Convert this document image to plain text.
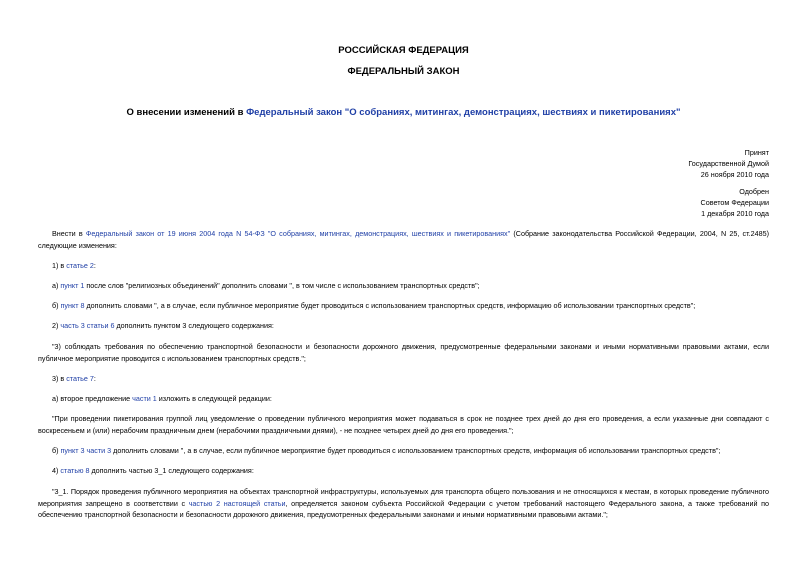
РОССИЙСКАЯ ФЕДЕРАЦИЯ
ФЕДЕРАЛЬНЫЙ ЗАКОН
О внесении изменений в Федеральный закон "О собраниях, митингах, демонстрациях, шествиях и пикетированиях"
Принят
Государственной Думой
26 ноября 2010 года
Одобрен
Советом Федерации
1 декабря 2010 года
Внести в Федеральный закон от 19 июня 2004 года N 54-ФЗ "О собраниях, митингах, демонстрациях, шествиях и пикетированиях" (Собрание законодательства Российской Федерации, 2004, N 25, ст.2485) следующие изменения:
1) в статье 2:
а) пункт 1 после слов "религиозных объединений" дополнить словами ", в том числе с использованием транспортных средств";
б) пункт 8 дополнить словами ", а в случае, если публичное мероприятие будет проводиться с использованием транспортных средств, информацию об использовании транспортных средств";
2) часть 3 статьи 6 дополнить пунктом 3 следующего содержания:
"3) соблюдать требования по обеспечению транспортной безопасности и безопасности дорожного движения, предусмотренные федеральными законами и иными нормативными правовыми актами, если публичное мероприятие проводится с использованием транспортных средств.";
3) в статье 7:
а) второе предложение части 1 изложить в следующей редакции:
"При проведении пикетирования группой лиц уведомление о проведении публичного мероприятия может подаваться в срок не позднее трех дней до дня его проведения, а если указанные дни совпадают с воскресеньем и (или) нерабочим праздничным днем (нерабочими праздничными днями), - не позднее четырех дней до дня его проведения.";
б) пункт 3 части 3 дополнить словами ", а в случае, если публичное мероприятие будет проводиться с использованием транспортных средств, информация об использовании транспортных средств";
4) статью 8 дополнить частью 3_1 следующего содержания:
"3_1. Порядок проведения публичного мероприятия на объектах транспортной инфраструктуры, используемых для транспорта общего пользования и не относящихся к местам, в которых проведение публичного мероприятия запрещено в соответствии с частью 2 настоящей статьи, определяется законом субъекта Российской Федерации с учетом требований настоящего Федерального закона, а также требований по обеспечению транспортной безопасности и безопасности дорожного движения, предусмотренных федеральными законами и иными нормативными правовыми актами.";
